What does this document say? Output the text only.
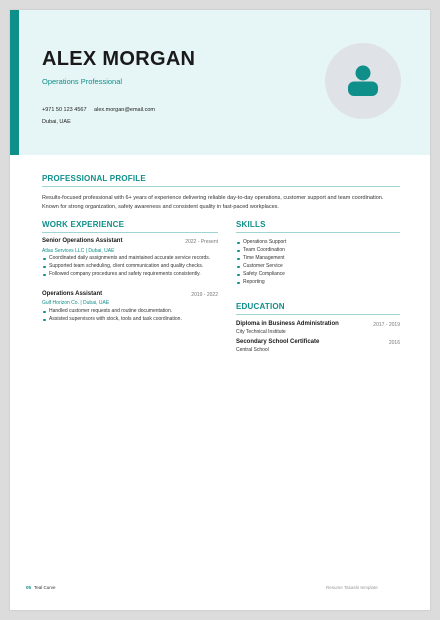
ALEX MORGAN
Operations Professional
+971 50 123 4567 alex.morgan@email.com
Dubai, UAE
PROFESSIONAL PROFILE
Results-focused professional with 6+ years of experience delivering reliable day-to-day operations, customer support and team coordination. Known for strong organization, safety awareness and consistent quality in fast-paced workplaces.
WORK EXPERIENCE
Senior Operations Assistant	2022 - Present
Atlas Services LLC | Dubai, UAE
Coordinated daily assignments and maintained accurate service records.
Supported team scheduling, client communication and quality checks.
Followed company procedures and safety requirements consistently.
Operations Assistant	2019 - 2022
Gulf Horizon Co. | Dubai, UAE
Handled customer requests and routine documentation.
Assisted supervisors with stock, tools and task coordination.
SKILLS
Operations Support
Team Coordination
Time Management
Customer Service
Safety Compliance
Reporting
EDUCATION
Diploma in Business Administration	2017 - 2019
City Technical Institute
Secondary School Certificate	2016
Central School
05 Teal Curve	Resume Tasashi template
